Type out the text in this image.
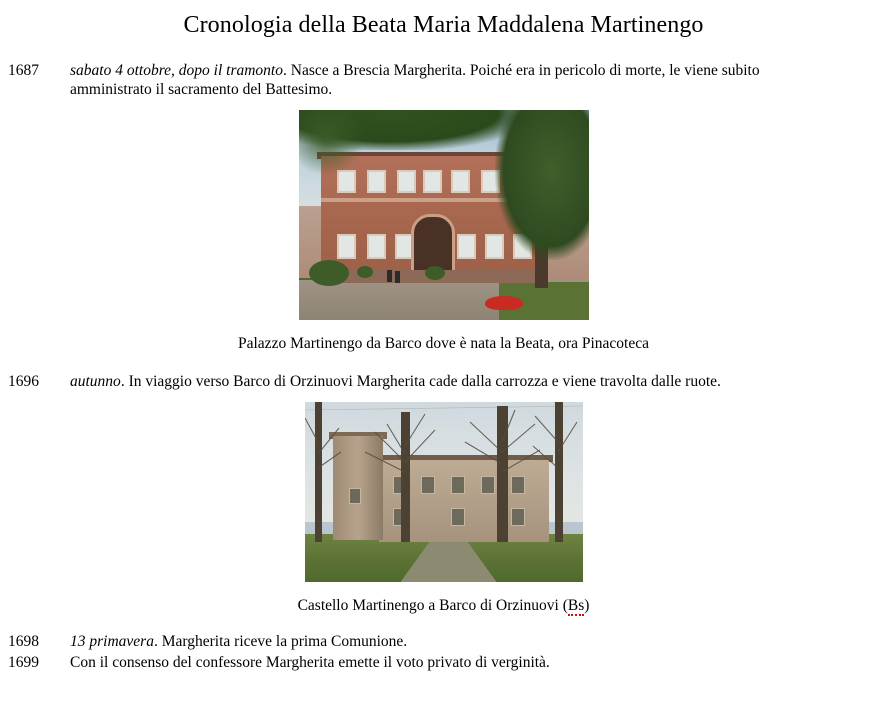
Cronologia della Beata Maria Maddalena Martinengo
1687	sabato 4 ottobre, dopo il tramonto. Nasce a Brescia Margherita. Poiché era in pericolo di morte, le viene subito amministrato il sacramento del Battesimo.
Palazzo Martinengo da Barco dove è nata la Beata, ora Pinacoteca
1696	autunno. In viaggio verso Barco di Orzinuovi Margherita cade dalla carrozza e viene travolta dalle ruote.
Castello Martinengo a Barco di Orzinuovi (Bs)
1698	13 primavera. Margherita riceve la prima Comunione.
1699	Con il consenso del confessore Margherita emette il voto privato di verginità.
